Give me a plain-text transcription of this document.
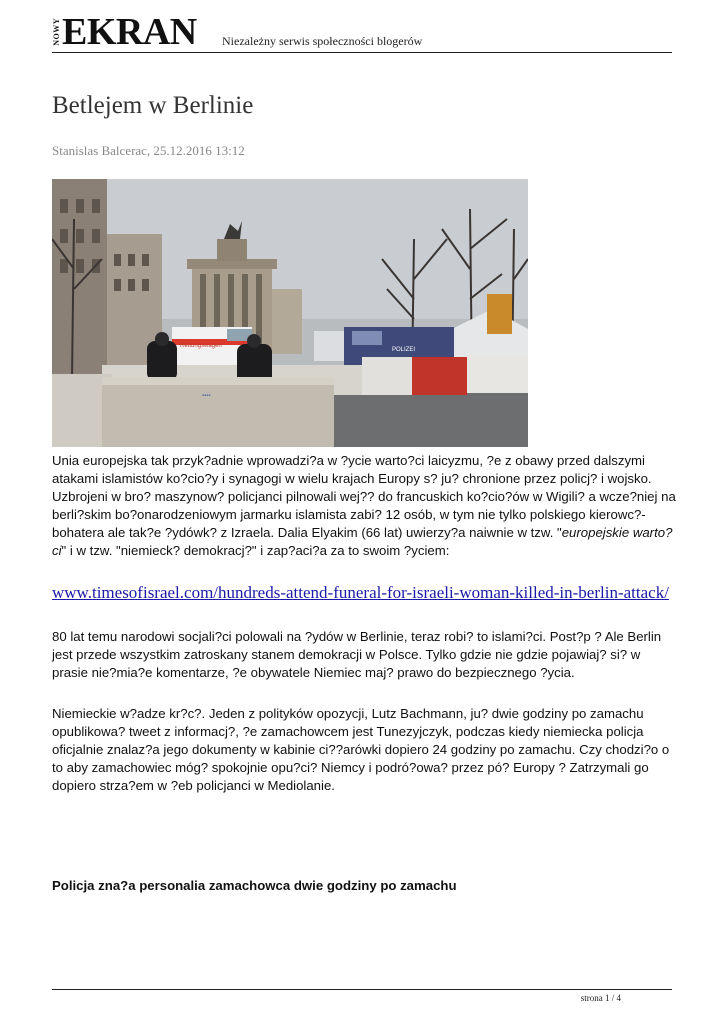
NOWY EKRAN Niezależny serwis społeczności blogerów
Betlejem w Berlinie
Stanislas Balcerac, 25.12.2016 13:12
POLIZEI
▪▪▪▪
Rettungswagen
Unia europejska tak przyk?adnie wprowadzi?a w ?ycie warto?ci laicyzmu, ?e z obawy przed dalszymi atakami islamistów ko?cio?y i synagogi w wielu krajach Europy s? ju? chronione przez policj? i wojsko. Uzbrojeni w bro? maszynow? policjanci pilnowali wej?? do francuskich ko?cio?ów w Wigili? a wcze?niej na berli?skim bo?onarodzeniowym jarmarku islamista zabi? 12 osób, w tym nie tylko polskiego kierowc?-bohatera ale tak?e ?ydówk? z Izraela. Dalia Elyakim (66 lat) uwierzy?a naiwnie w tzw. "europejskie warto?ci" i w tzw. "niemieck? demokracj?" i zap?aci?a za to swoim ?yciem:
www.timesofisrael.com/hundreds-attend-funeral-for-israeli-woman-killed-in-berlin-attack/
80 lat temu narodowi socjali?ci polowali na ?ydów w Berlinie, teraz robi? to islami?ci. Post?p ? Ale Berlin jest przede wszystkim zatroskany stanem demokracji w Polsce. Tylko gdzie nie gdzie pojawiaj? si? w prasie nie?mia?e komentarze, ?e obywatele Niemiec maj? prawo do bezpiecznego ?ycia.
Niemieckie w?adze kr?c?. Jeden z polityków opozycji, Lutz Bachmann, ju? dwie godziny po zamachu opublikowa? tweet z informacj?, ?e zamachowcem jest Tunezyjczyk, podczas kiedy niemiecka policja oficjalnie znalaz?a jego dokumenty w kabinie ci??arówki dopiero 24 godziny po zamachu. Czy chodzi?o o to aby zamachowiec móg? spokojnie opu?ci? Niemcy i podró?owa? przez pó? Europy ? Zatrzymali go dopiero strza?em w ?eb policjanci w Mediolanie.
Policja zna?a personalia zamachowca dwie godziny po zamachu
strona 1 / 4
